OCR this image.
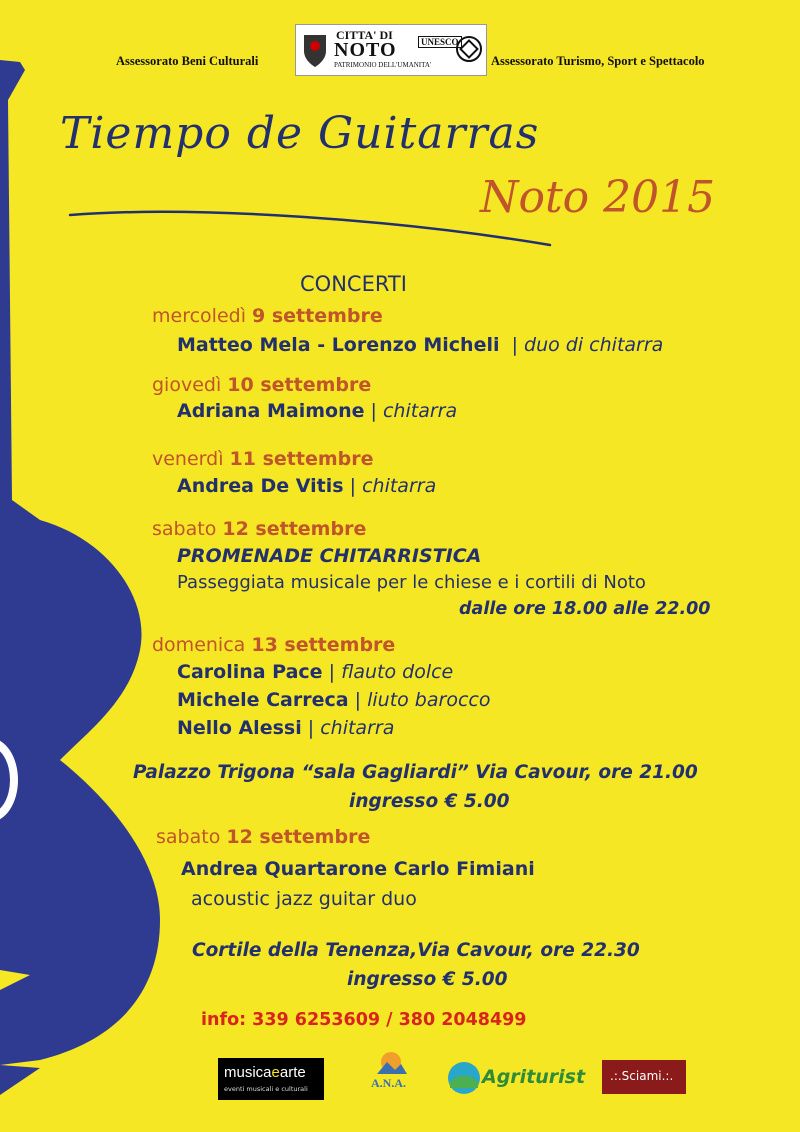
Assessorato Beni Culturali	Assessorato Turismo, Sport e Spettacolo
CITTA' DI
NOTO
PATRIMONIO DELL'UMANITA'
UNESCO
Tiempo de Guitarras
Noto 2015
CONCERTI
mercoledì 9 settembre
Matteo Mela - Lorenzo Micheli | duo di chitarra
giovedì 10 settembre
Adriana Maimone | chitarra
venerdì 11 settembre
Andrea De Vitis | chitarra
sabato 12 settembre
PROMENADE CHITARRISTICA
Passeggiata musicale per le chiese e i cortili di Noto
dalle ore 18.00 alle 22.00
domenica 13 settembre
Carolina Pace | flauto dolce
Michele Carreca | liuto barocco
Nello Alessi | chitarra
Palazzo Trigona “sala Gagliardi” Via Cavour, ore 21.00
ingresso € 5.00
sabato 12 settembre
Andrea Quartarone Carlo Fimiani
acoustic jazz guitar duo
Cortile della Tenenza,Via Cavour, ore 22.30
ingresso € 5.00
info: 339 6253609 / 380 2048499
musicaearte
eventi musicali e culturali	A.N.A.	Agriturist .:.Sciami.:.
